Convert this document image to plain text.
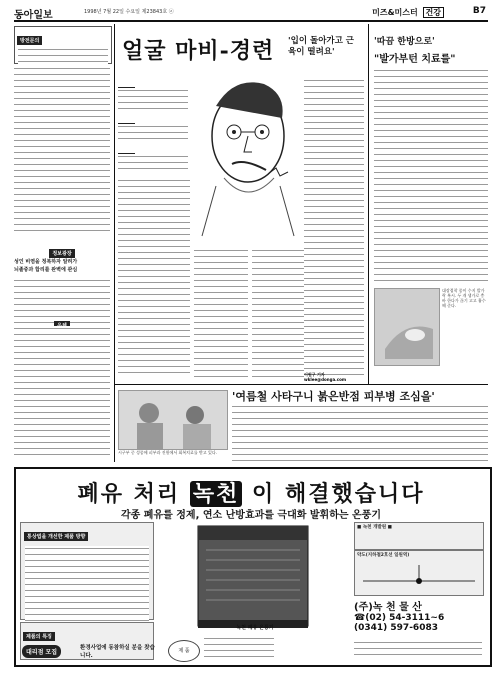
동아일보	1998년 7월 22일 수요일 제23843호 ⓐ	미즈&미스터 건강	B7
방전문의
정보광장
성인 비염을 정복하자 알려가
뇌졸중과 합리를 완벽에 관심
얼굴 마비-경련 '입이 돌아가고 근육이 떨려요'
이원구 기자 wklee@donga.com
'따끔 한방으로'
"발가부턴 치료를"
대장접착 종이 수지 발가락 복시. 두 개 생가로 충바 한다가 끊기 고고 흡수해 준다.
시구부 중 성종에 피부과 진원에서 회복치료를 받고 있다.
'여름철 사타구니 붉은반점 피부병 조심을'
폐유 처리 녹천 이 해결했습니다
각종 폐유를 정제, 연소 난방효과를 극대화 발휘하는 온풍기
통상법을 개선한 제품 방향
녹천 폐유 온풍기
■ 녹천 개발원 ■
약도(지하철2호선 일원역)
제품의 특징
대리점 모집
환경사업에 동참하실 분을 찾습니다.
제 품
(주)녹 천 물 산
☎(02) 54-3111~6
(0341) 597-6083
